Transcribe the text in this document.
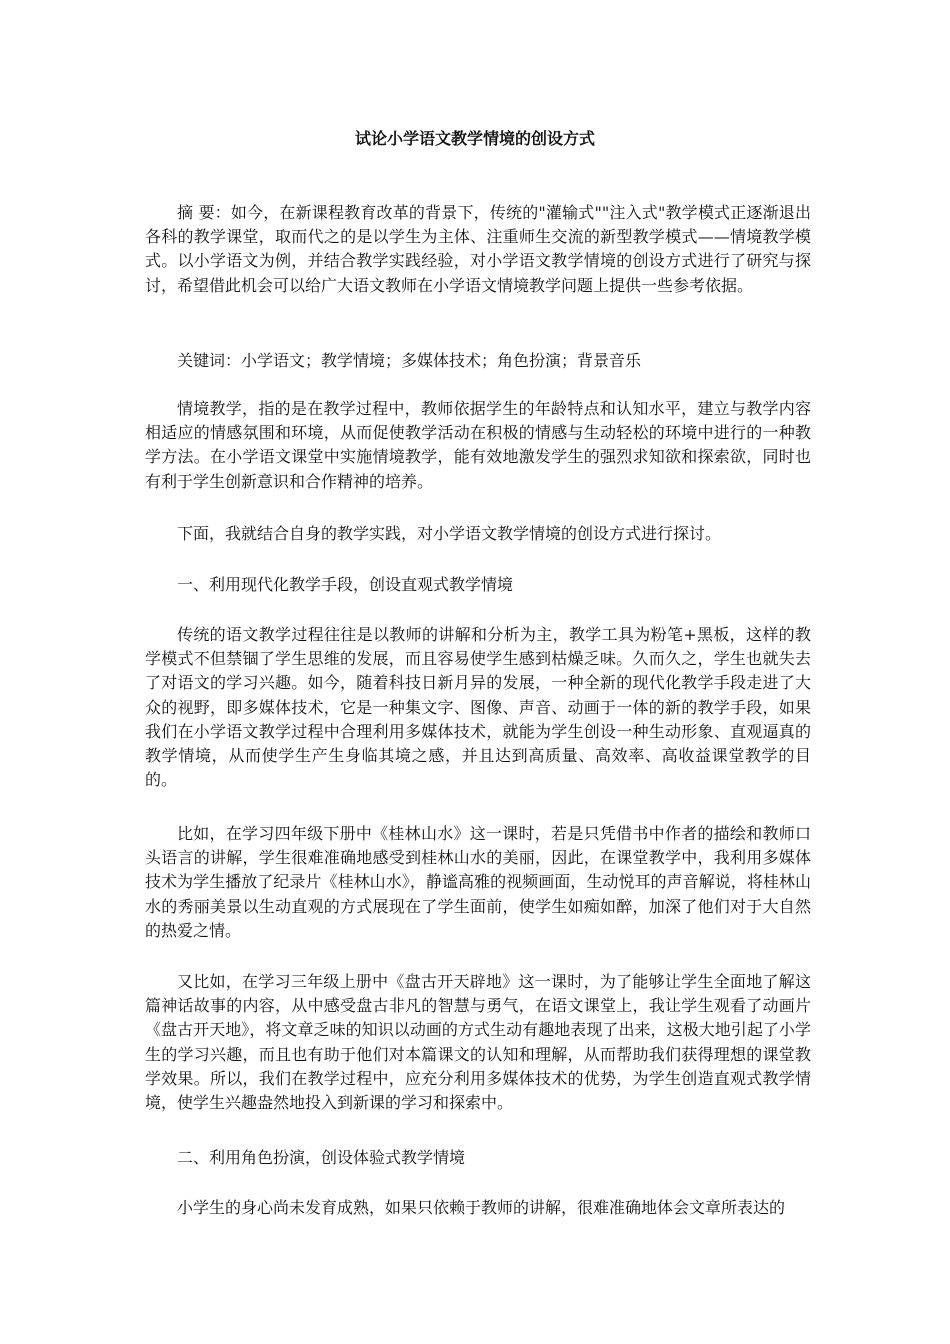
试论小学语文教学情境的创设方式

摘 要：如今，在新课程教育改革的背景下，传统的"灌输式""注入式"教学模式正逐渐退出各科的教学课堂，取而代之的是以学生为主体、注重师生交流的新型教学模式——情境教学模式。以小学语文为例，并结合教学实践经验，对小学语文教学情境的创设方式进行了研究与探讨，希望借此机会可以给广大语文教师在小学语文情境教学问题上提供一些参考依据。

关键词：小学语文；教学情境；多媒体技术；角色扮演；背景音乐

情境教学，指的是在教学过程中，教师依据学生的年龄特点和认知水平，建立与教学内容相适应的情感氛围和环境，从而促使教学活动在积极的情感与生动轻松的环境中进行的一种教学方法。在小学语文课堂中实施情境教学，能有效地激发学生的强烈求知欲和探索欲，同时也有利于学生创新意识和合作精神的培养。

下面，我就结合自身的教学实践，对小学语文教学情境的创设方式进行探讨。

一、利用现代化教学手段，创设直观式教学情境

传统的语文教学过程往往是以教师的讲解和分析为主，教学工具为粉笔+黑板，这样的教学模式不但禁锢了学生思维的发展，而且容易使学生感到枯燥乏味。久而久之，学生也就失去了对语文的学习兴趣。如今，随着科技日新月异的发展，一种全新的现代化教学手段走进了大众的视野，即多媒体技术，它是一种集文字、图像、声音、动画于一体的新的教学手段，如果我们在小学语文教学过程中合理利用多媒体技术，就能为学生创设一种生动形象、直观逼真的教学情境，从而使学生产生身临其境之感，并且达到高质量、高效率、高收益课堂教学的目的。

比如，在学习四年级下册中《桂林山水》这一课时，若是只凭借书中作者的描绘和教师口头语言的讲解，学生很难准确地感受到桂林山水的美丽，因此，在课堂教学中，我利用多媒体技术为学生播放了纪录片《桂林山水》，静谧高雅的视频画面，生动悦耳的声音解说，将桂林山水的秀丽美景以生动直观的方式展现在了学生面前，使学生如痴如醉，加深了他们对于大自然的热爱之情。

又比如，在学习三年级上册中《盘古开天辟地》这一课时，为了能够让学生全面地了解这篇神话故事的内容，从中感受盘古非凡的智慧与勇气，在语文课堂上，我让学生观看了动画片《盘古开天地》，将文章乏味的知识以动画的方式生动有趣地表现了出来，这极大地引起了小学生的学习兴趣，而且也有助于他们对本篇课文的认知和理解，从而帮助我们获得理想的课堂教学效果。所以，我们在教学过程中，应充分利用多媒体技术的优势，为学生创造直观式教学情境，使学生兴趣盎然地投入到新课的学习和探索中。

二、利用角色扮演，创设体验式教学情境

小学生的身心尚未发育成熟，如果只依赖于教师的讲解，很难准确地体会文章所表达的
